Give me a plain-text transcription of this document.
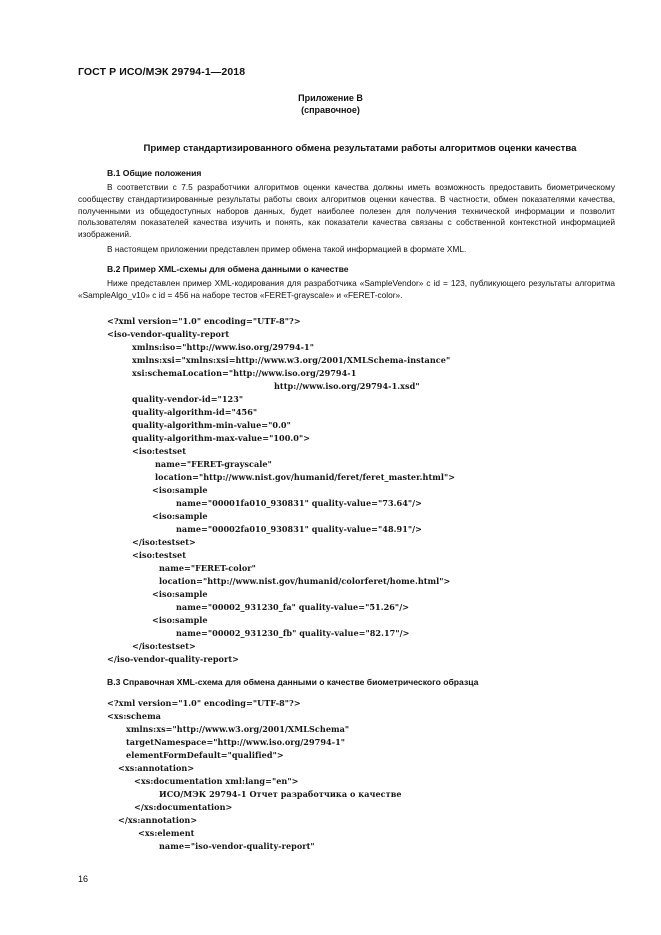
ГОСТ Р ИСО/МЭК 29794-1—2018
Приложение В
(справочное)
Пример стандартизированного обмена результатами работы алгоритмов оценки качества
В.1 Общие положения
В соответствии с 7.5 разработчики алгоритмов оценки качества должны иметь возможность предоставить биометрическому сообществу стандартизированные результаты работы своих алгоритмов оценки качества. В частности, обмен показателями качества, полученными из общедоступных наборов данных, будет наиболее полезен для получения технической информации и позволит пользователям показателей качества изучить и понять, как показатели качества связаны с собственной контекстной информацией изображений.
В настоящем приложении представлен пример обмена такой информацией в формате XML.
В.2 Пример XML-схемы для обмена данными о качестве
Ниже представлен пример XML-кодирования для разработчика «SampleVendor» с id = 123, публикующего результаты алгоритма «SampleAlgo_v10» с id = 456 на наборе тестов «FERET-grayscale» и «FERET-color».
<?xml version="1.0" encoding="UTF-8"?>
<iso-vendor-quality-report
xmlns:iso="http://www.iso.org/29794-1"
xmlns:xsi="xmlns:xsi=http://www.w3.org/2001/XMLSchema-instance"
xsi:schemaLocation="http://www.iso.org/29794-1
http://www.iso.org/29794-1.xsd"
quality-vendor-id="123"
quality-algorithm-id="456"
quality-algorithm-min-value="0.0"
quality-algorithm-max-value="100.0">
<iso:testset
name="FERET-grayscale"
location="http://www.nist.gov/humanid/feret/feret_master.html">
<iso:sample
name="00001fa010_930831" quality-value="73.64"/>
<iso:sample
name="00002fa010_930831" quality-value="48.91"/>
</iso:testset>
<iso:testset
name="FERET-color"
location="http://www.nist.gov/humanid/colorferet/home.html">
<iso:sample
name="00002_931230_fa" quality-value="51.26"/>
<iso:sample
name="00002_931230_fb" quality-value="82.17"/>
</iso:testset>
</iso-vendor-quality-report>
В.3 Справочная XML-схема для обмена данными о качестве биометрического образца
<?xml version="1.0" encoding="UTF-8"?>
<xs:schema
xmlns:xs="http://www.w3.org/2001/XMLSchema"
targetNamespace="http://www.iso.org/29794-1"
elementFormDefault="qualified">
<xs:annotation>
<xs:documentation xml:lang="en">
ИСО/МЭК 29794-1 Отчет разработчика о качестве
</xs:documentation>
</xs:annotation>
<xs:element
name="iso-vendor-quality-report"
16
